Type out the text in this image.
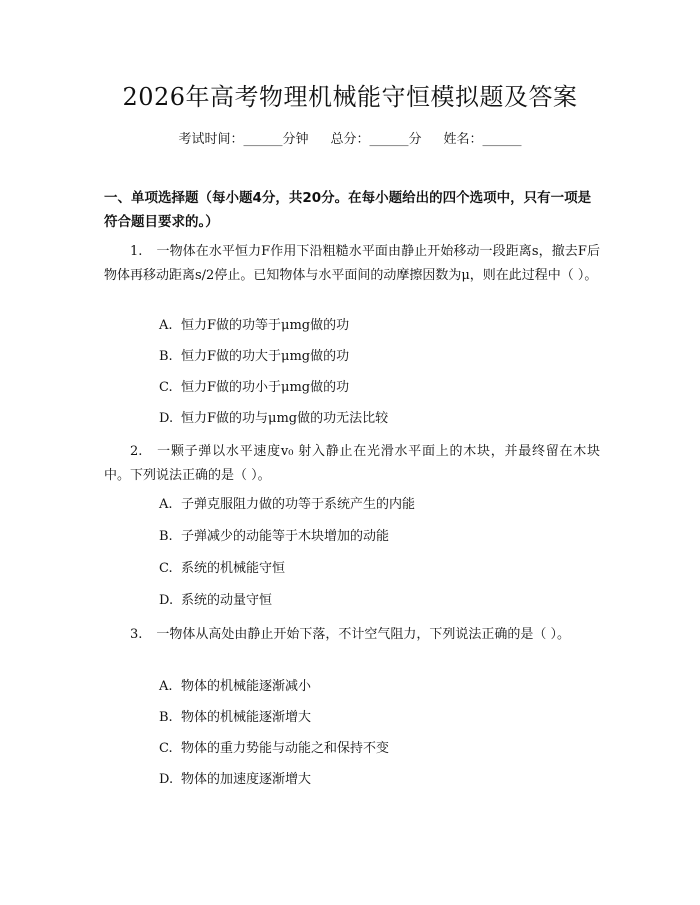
2026年高考物理机械能守恒模拟题及答案
考试时间：______分钟 总分：______分 姓名：______
一、单项选择题（每小题4分，共20分。在每小题给出的四个选项中，只有一项是符合题目要求的。）
1. 一物体在水平恒力F作用下沿粗糙水平面由静止开始移动一段距离s，撤去F后物体再移动距离s/2停止。已知物体与水平面间的动摩擦因数为μ，则在此过程中（ ）。
A. 恒力F做的功等于μmg做的功
B. 恒力F做的功大于μmg做的功
C. 恒力F做的功小于μmg做的功
D. 恒力F做的功与μmg做的功无法比较
2. 一颗子弹以水平速度v₀ 射入静止在光滑水平面上的木块，并最终留在木块中。下列说法正确的是（ ）。
A. 子弹克服阻力做的功等于系统产生的内能
B. 子弹减少的动能等于木块增加的动能
C. 系统的机械能守恒
D. 系统的动量守恒
3. 一物体从高处由静止开始下落，不计空气阻力，下列说法正确的是（ ）。
A. 物体的机械能逐渐减小
B. 物体的机械能逐渐增大
C. 物体的重力势能与动能之和保持不变
D. 物体的加速度逐渐增大
